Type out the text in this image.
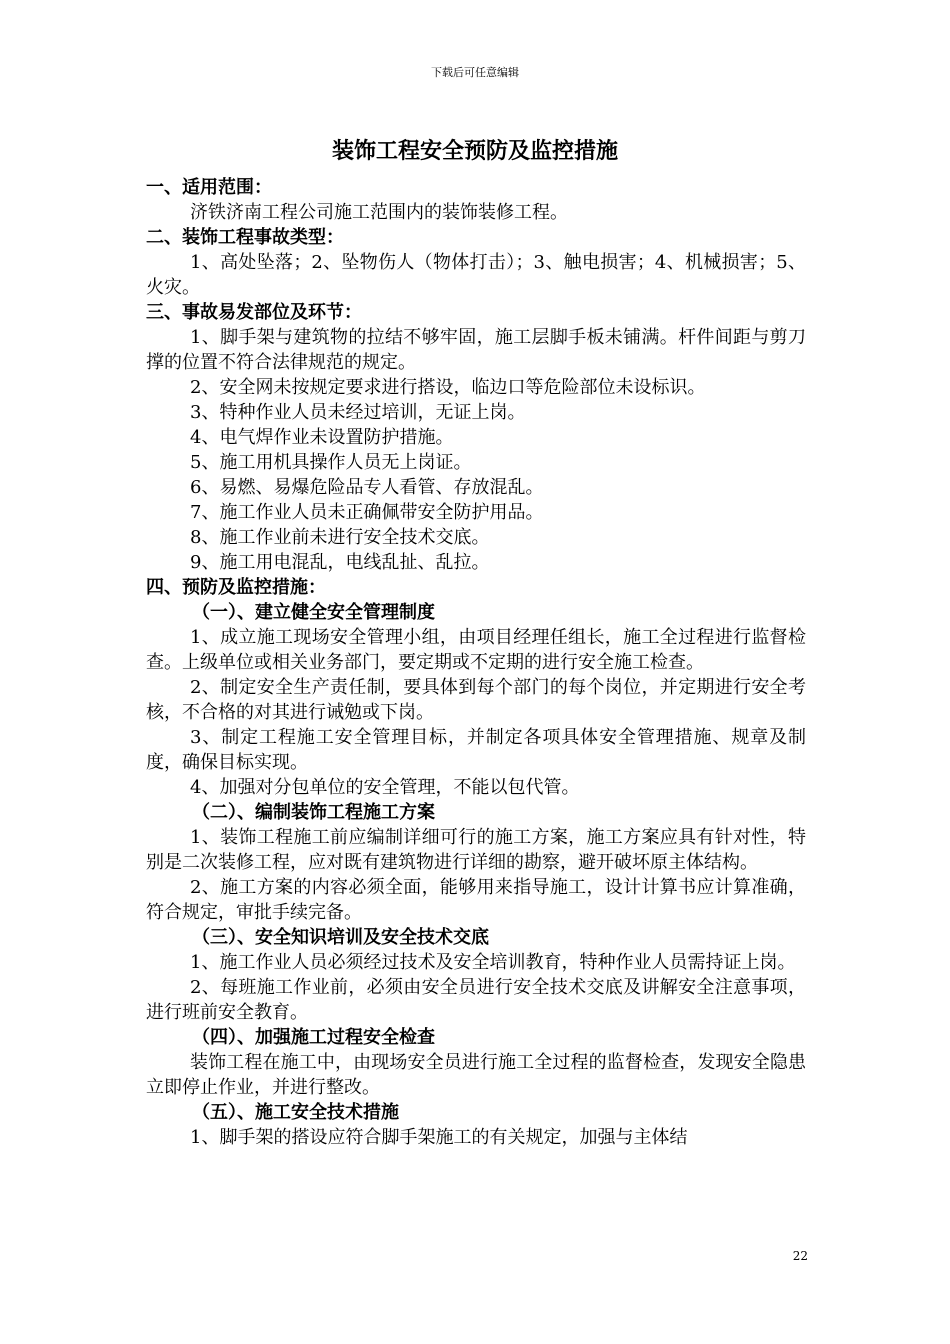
下载后可任意编辑
装饰工程安全预防及监控措施

一、适用范围：

济铁济南工程公司施工范围内的装饰装修工程。

二、装饰工程事故类型：

1、高处坠落；2、坠物伤人（物体打击）；3、触电损害；4、机械损害；5、火灾。

三、事故易发部位及环节：

1、脚手架与建筑物的拉结不够牢固，施工层脚手板未铺满。杆件间距与剪刀撑的位置不符合法律规范的规定。

2、安全网未按规定要求进行搭设，临边口等危险部位未设标识。

3、特种作业人员未经过培训，无证上岗。

4、电气焊作业未设置防护措施。

5、施工用机具操作人员无上岗证。

6、易燃、易爆危险品专人看管、存放混乱。

7、施工作业人员未正确佩带安全防护用品。

8、施工作业前未进行安全技术交底。

9、施工用电混乱，电线乱扯、乱拉。

四、预防及监控措施：

（一）、建立健全安全管理制度

1、成立施工现场安全管理小组，由项目经理任组长，施工全过程进行监督检查。上级单位或相关业务部门，要定期或不定期的进行安全施工检查。

2、制定安全生产责任制，要具体到每个部门的每个岗位，并定期进行安全考核，不合格的对其进行诫勉或下岗。

3、制定工程施工安全管理目标，并制定各项具体安全管理措施、规章及制度，确保目标实现。

4、加强对分包单位的安全管理，不能以包代管。

（二）、编制装饰工程施工方案

1、装饰工程施工前应编制详细可行的施工方案，施工方案应具有针对性，特别是二次装修工程，应对既有建筑物进行详细的勘察，避开破坏原主体结构。

2、施工方案的内容必须全面，能够用来指导施工，设计计算书应计算准确，符合规定，审批手续完备。

（三）、安全知识培训及安全技术交底

1、施工作业人员必须经过技术及安全培训教育，特种作业人员需持证上岗。

2、每班施工作业前，必须由安全员进行安全技术交底及讲解安全注意事项，进行班前安全教育。

（四）、加强施工过程安全检查

装饰工程在施工中，由现场安全员进行施工全过程的监督检查，发现安全隐患立即停止作业，并进行整改。

（五）、施工安全技术措施

1、脚手架的搭设应符合脚手架施工的有关规定，加强与主体结

22
